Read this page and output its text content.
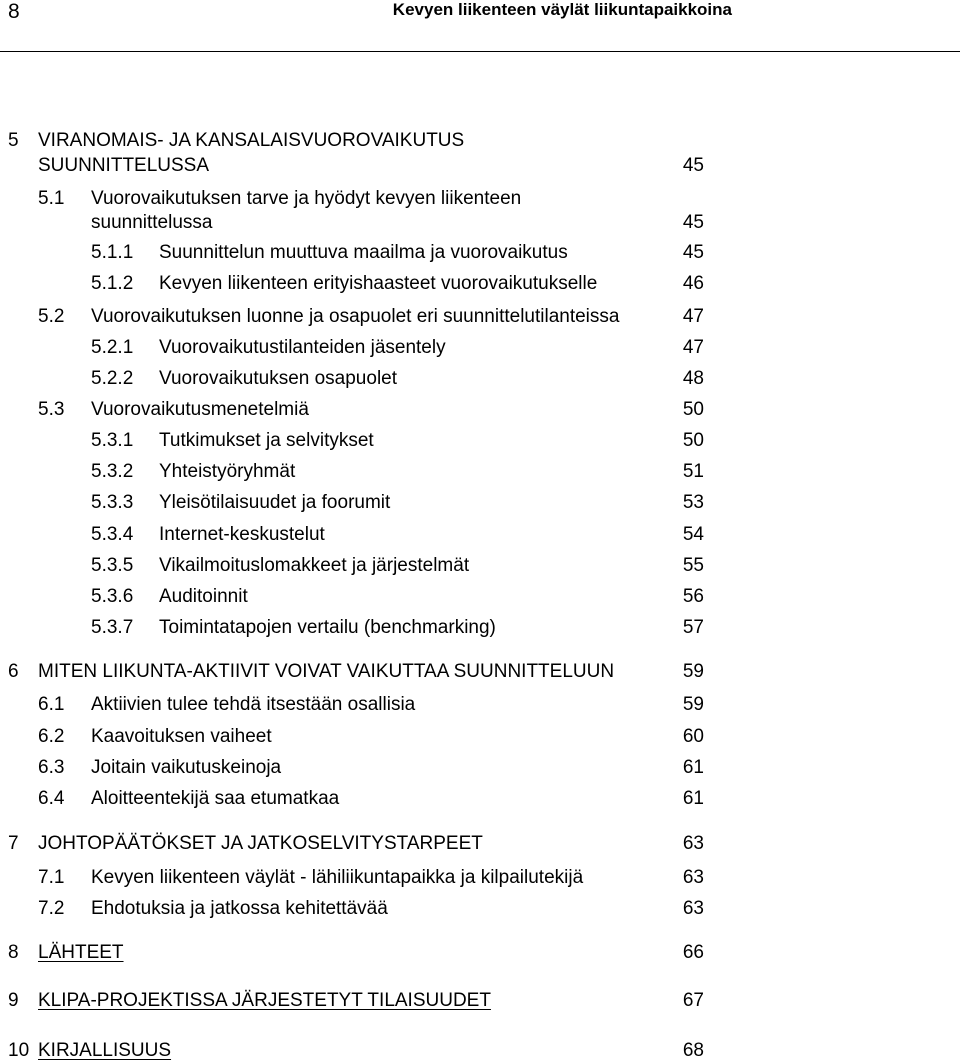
8	Kevyen liikenteen väylät liikuntapaikkoina
5 VIRANOMAIS- JA KANSALAISVUOROVAIKUTUS
SUUNNITTELUSSA	45
5.1 Vuorovaikutuksen tarve ja hyödyt kevyen liikenteen
suunnittelussa	45
5.1.1 Suunnittelun muuttuva maailma ja vuorovaikutus	45
5.1.2 Kevyen liikenteen erityishaasteet vuorovaikutukselle	46
5.2 Vuorovaikutuksen luonne ja osapuolet eri suunnittelutilanteissa	47
5.2.1 Vuorovaikutustilanteiden jäsentely	47
5.2.2 Vuorovaikutuksen osapuolet	48
5.3 Vuorovaikutusmenetelmiä	50
5.3.1 Tutkimukset ja selvitykset	50
5.3.2 Yhteistyöryhmät	51
5.3.3 Yleisötilaisuudet ja foorumit	53
5.3.4 Internet-keskustelut	54
5.3.5 Vikailmoituslomakkeet ja järjestelmät	55
5.3.6 Auditoinnit	56
5.3.7 Toimintatapojen vertailu (benchmarking)	57
6 MITEN LIIKUNTA-AKTIIVIT VOIVAT VAIKUTTAA SUUNNITTELUUN	59
6.1 Aktiivien tulee tehdä itsestään osallisia	59
6.2 Kaavoituksen vaiheet	60
6.3 Joitain vaikutuskeinoja	61
6.4 Aloitteentekijä saa etumatkaa	61
7 JOHTOPÄÄTÖKSET JA JATKOSELVITYSTARPEET	63
7.1 Kevyen liikenteen väylät - lähiliikuntapaikka ja kilpailutekijä	63
7.2 Ehdotuksia ja jatkossa kehitettävää	63
8 LÄHTEET	66
9 KLIPA-PROJEKTISSA JÄRJESTETYT TILAISUUDET	67
10 KIRJALLISUUS	68
